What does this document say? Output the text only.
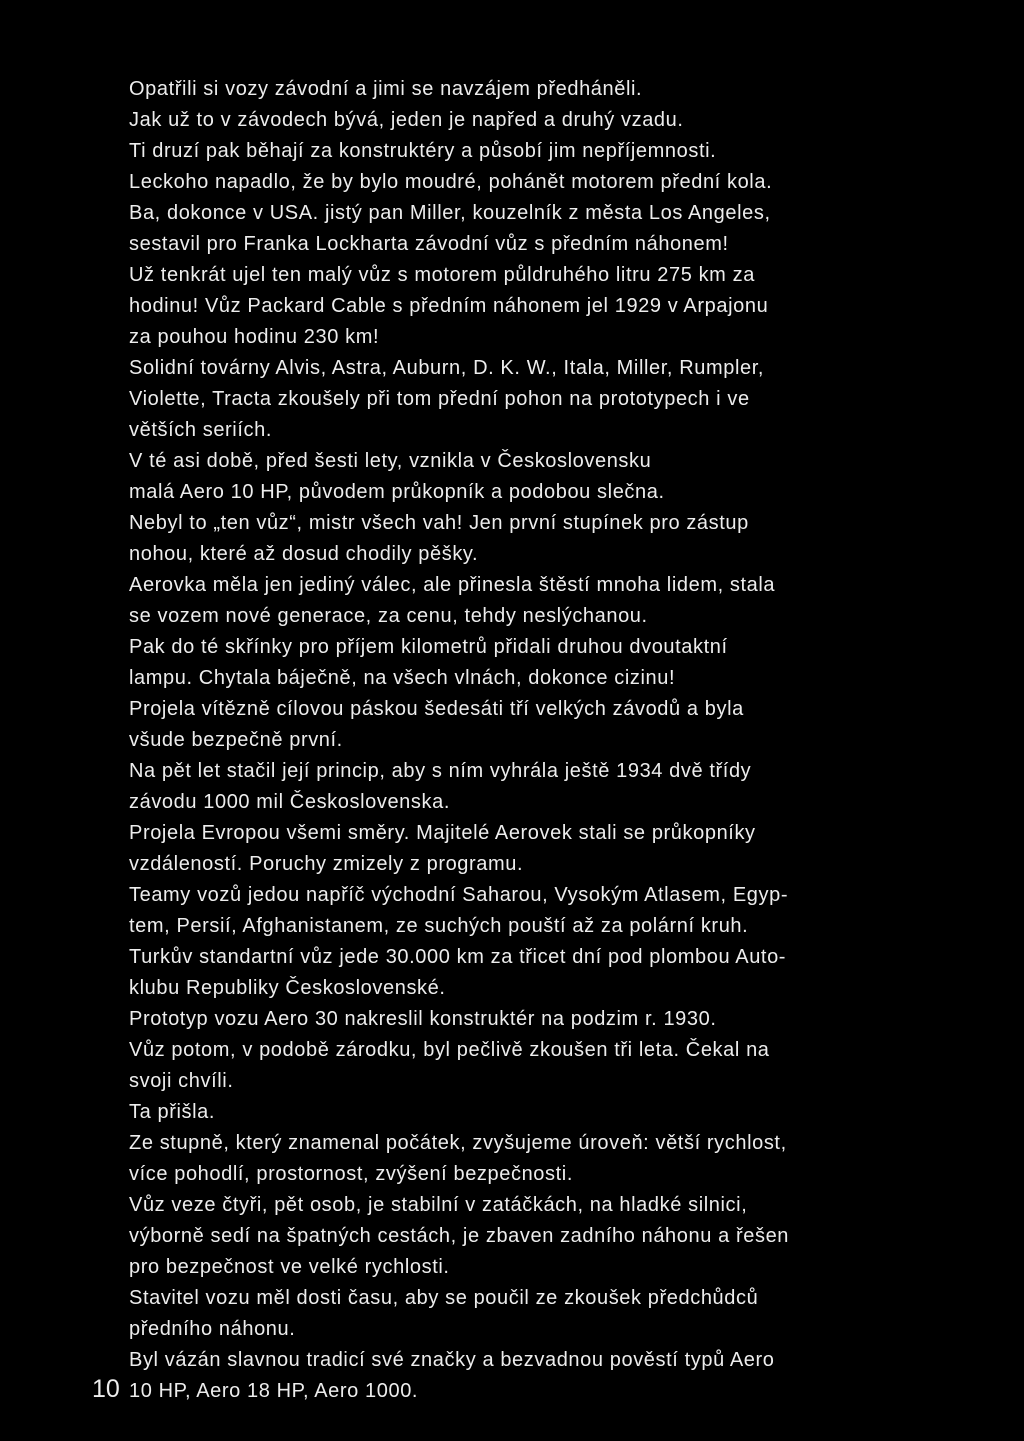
Opatřili si vozy závodní a jimi se navzájem předháněli.
Jak už to v závodech bývá, jeden je napřed a druhý vzadu.
Ti druzí pak běhají za konstruktéry a působí jim nepříjemnosti.
Leckoho napadlo, že by bylo moudré, pohánět motorem přední kola.
Ba, dokonce v USA. jistý pan Miller, kouzelník z města Los Angeles,
sestavil pro Franka Lockharta závodní vůz s předním náhonem!
Už tenkrát ujel ten malý vůz s motorem půldruhého litru 275 km za
hodinu! Vůz Packard Cable s předním náhonem jel 1929 v Arpajonu
za pouhou hodinu 230 km!
Solidní továrny Alvis, Astra, Auburn, D. K. W., Itala, Miller, Rumpler,
Violette, Tracta zkoušely při tom přední pohon na prototypech i ve
větších seriích.
V té asi době, před šesti lety, vznikla v Československu
malá Aero 10 HP, původem průkopník a podobou slečna.
Nebyl to „ten vůz“, mistr všech vah! Jen první stupínek pro zástup
nohou, které až dosud chodily pěšky.
Aerovka měla jen jediný válec, ale přinesla štěstí mnoha lidem, stala
se vozem nové generace, za cenu, tehdy neslýchanou.
Pak do té skřínky pro příjem kilometrů přidali druhou dvoutaktní
lampu. Chytala báječně, na všech vlnách, dokonce cizinu!
Projela vítězně cílovou páskou šedesáti tří velkých závodů a byla
všude bezpečně první.
Na pět let stačil její princip, aby s ním vyhrála ještě 1934 dvě třídy
závodu 1000 mil Československa.
Projela Evropou všemi směry. Majitelé Aerovek stali se průkopníky
vzdáleností. Poruchy zmizely z programu.
Teamy vozů jedou napříč východní Saharou, Vysokým Atlasem, Egyp-
tem, Persií, Afghanistanem, ze suchých pouští až za polární kruh.
Turkův standartní vůz jede 30.000 km za třicet dní pod plombou Auto-
klubu Republiky Československé.
Prototyp vozu Aero 30 nakreslil konstruktér na podzim r. 1930.
Vůz potom, v podobě zárodku, byl pečlivě zkoušen tři leta. Čekal na
svoji chvíli.
Ta přišla.
Ze stupně, který znamenal počátek, zvyšujeme úroveň: větší rychlost,
více pohodlí, prostornost, zvýšení bezpečnosti.
Vůz veze čtyři, pět osob, je stabilní v zatáčkách, na hladké silnici,
výborně sedí na špatných cestách, je zbaven zadního náhonu a řešen
pro bezpečnost ve velké rychlosti.
Stavitel vozu měl dosti času, aby se poučil ze zkoušek předchůdců
předního náhonu.
Byl vázán slavnou tradicí své značky a bezvadnou pověstí typů Aero
10 HP, Aero 18 HP, Aero 1000.
10
